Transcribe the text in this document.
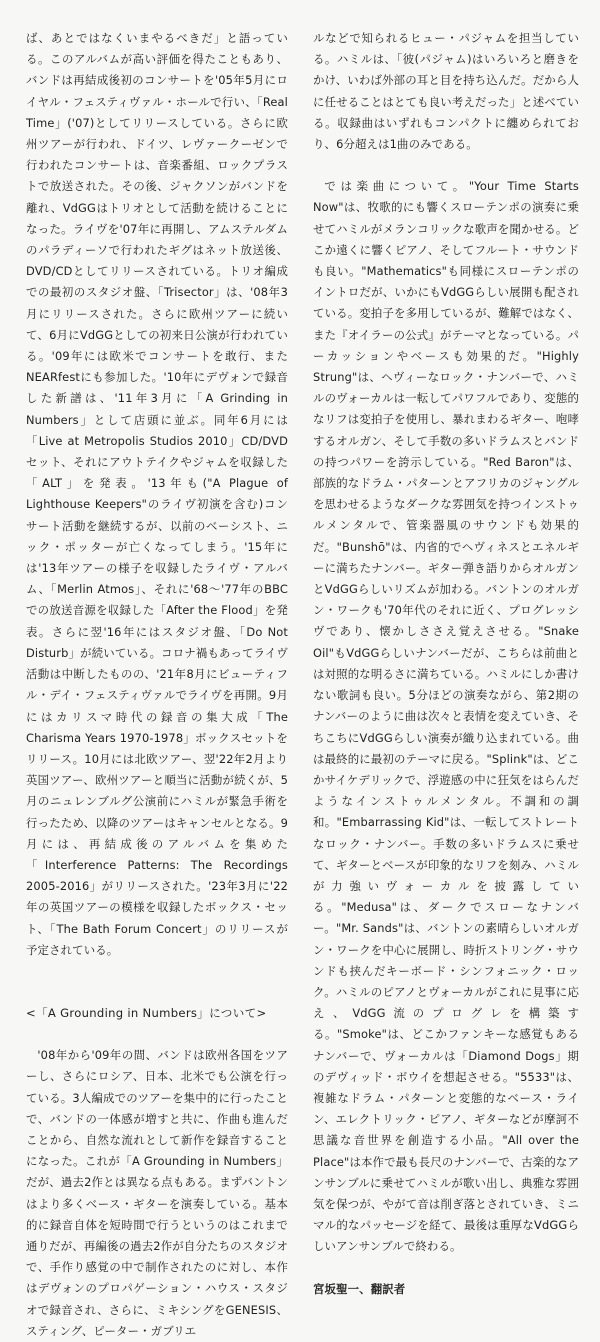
ば、あとではなくいまやるべきだ」と語っている。このアルバムが高い評価を得たこともあり、バンドは再結成後初のコンサートを'05年5月にロイヤル・フェスティヴァル・ホールで行い、「Real Time」('07)としてリリースしている。さらに欧州ツアーが行われ、ドイツ、レヴァークーゼンで行われたコンサートは、音楽番組、ロックプラストで放送された。その後、ジャクソンがバンドを離れ、VdGGはトリオとして活動を続けることになった。ライヴを'07年に再開し、アムステルダムのパラディーソで行われたギグはネット放送後、DVD/CDとしてリリースされている。トリオ編成での最初のスタジオ盤、「Trisector」は、'08年3月にリリースされた。さらに欧州ツアーに続いて、6月にVdGGとしての初来日公演が行われている。'09年には欧米でコンサートを敢行、またNEARfestにも参加した。'10年にデヴォンで録音した新譜は、'11年3月に「A Grinding in Numbers」として店頭に並ぶ。同年6月には「Live at Metropolis Studios 2010」CD/DVDセット、それにアウトテイクやジャムを収録した「ALT」を発表。'13年も("A Plague of Lighthouse Keepers"のライヴ初演を含む)コンサート活動を継続するが、以前のベーシスト、ニック・ポッターが亡くなってしまう。'15年には'13年ツアーの様子を収録したライヴ・アルバム、「Merlin Atmos」、それに'68～'77年のBBCでの放送音源を収録した「After the Flood」を発表。さらに翌'16年にはスタジオ盤、「Do Not Disturb」が続いている。コロナ禍もあってライヴ活動は中断したものの、'21年8月にビューティフル・デイ・フェスティヴァルでライヴを再開。9月にはカリスマ時代の録音の集大成「The Charisma Years 1970-1978」ボックスセットをリリース。10月には北欧ツアー、翌'22年2月より英国ツアー、欧州ツアーと順当に活動が続くが、5月のニュレンブルグ公演前にハミルが緊急手術を行ったため、以降のツアーはキャンセルとなる。9月には、再結成後のアルバムを集めた「Interference Patterns: The Recordings 2005-2016」がリリースされた。'23年3月に'22年の英国ツアーの模様を収録したボックス・セット、「The Bath Forum Concert」のリリースが予定されている。

<「A Grounding in Numbers」について>

'08年から'09年の間、バンドは欧州各国をツアーし、さらにロシア、日本、北米でも公演を行っている。3人編成でのツアーを集中的に行ったことで、バンドの一体感が増すと共に、作曲も進んだことから、自然な流れとして新作を録音することになった。これが「A Grounding in Numbers」だが、過去2作とは異なる点もある。まずバントンはより多くベース・ギターを演奏している。基本的に録音自体を短時間で行うというのはこれまで通りだが、再編後の過去2作が自分たちのスタジオで、手作り感覚の中で制作されたのに対し、本作はデヴォンのプロパゲーション・ハウス・スタジオで録音され、さらに、ミキシングをGENESIS、スティング、ピーター・ガブリエ

ルなどで知られるヒュー・パジャムを担当している。ハミルは、「彼(パジャム)はいろいろと磨きをかけ、いわば外部の耳と目を持ち込んだ。だから人に任せることはとても良い考えだった」と述べている。収録曲はいずれもコンパクトに纏められており、6分超えは1曲のみである。

では楽曲について。"Your Time Starts Now"は、牧歌的にも響くスローテンポの演奏に乗せてハミルがメランコリックな歌声を聞かせる。どこか遠くに響くピアノ、そしてフルート・サウンドも良い。"Mathematics"も同様にスローテンポのイントロだが、いかにもVdGGらしい展開も配されている。変拍子を多用しているが、難解ではなく、また『オイラーの公式』がテーマとなっている。パーカッションやベースも効果的だ。"Highly Strung"は、ヘヴィーなロック・ナンバーで、ハミルのヴォーカルは一転してパワフルであり、変態的なリフは変拍子を使用し、暴れまわるギター、咆哮するオルガン、そして手数の多いドラムスとバンドの持つパワーを誇示している。"Red Baron"は、部族的なドラム・パターンとアフリカのジャングルを思わせるようなダークな雰囲気を持つインストゥルメンタルで、管楽器風のサウンドも効果的だ。"Bunshō"は、内省的でヘヴィネスとエネルギーに満ちたナンバー。ギター弾き語りからオルガンとVdGGらしいリズムが加わる。バントンのオルガン・ワークも'70年代のそれに近く、プログレッシヴであり、懐かしささえ覚えさせる。"Snake Oil"もVdGGらしいナンバーだが、こちらは前曲とは対照的な明るさに満ちている。ハミルにしか書けない歌詞も良い。5分ほどの演奏ながら、第2期のナンバーのように曲は次々と表情を変えていき、そちこちにVdGGらしい演奏が織り込まれている。曲は最終的に最初のテーマに戻る。"Splink"は、どこかサイケデリックで、浮遊感の中に狂気をはらんだようなインストゥルメンタル。不調和の調和。"Embarrassing Kid"は、一転してストレートなロック・ナンバー。手数の多いドラムスに乗せて、ギターとベースが印象的なリフを刻み、ハミルが力強いヴォーカルを披露している。"Medusa"は、ダークでスローなナンバー。"Mr. Sands"は、バントンの素晴らしいオルガン・ワークを中心に展開し、時折ストリング・サウンドも挟んだキーボード・シンフォニック・ロック。ハミルのピアノとヴォーカルがこれに見事に応え、VdGG流のプログレを構築する。"Smoke"は、どこかファンキーな感覚もあるナンバーで、ヴォーカルは「Diamond Dogs」期のデヴィッド・ボウイを想起させる。"5533"は、複雑なドラム・パターンと変態的なベース・ライン、エレクトリック・ピアノ、ギターなどが摩訶不思議な音世界を創造する小品。"All over the Place"は本作で最も長尺のナンバーで、古楽的なアンサンブルに乗せてハミルが歌い出し、典雅な雰囲気を保つが、やがて音は削ぎ落とされていき、ミニマル的なパッセージを経て、最後は重厚なVdGGらしいアンサンブルで終わる。

宮坂聖一、翻訳者
